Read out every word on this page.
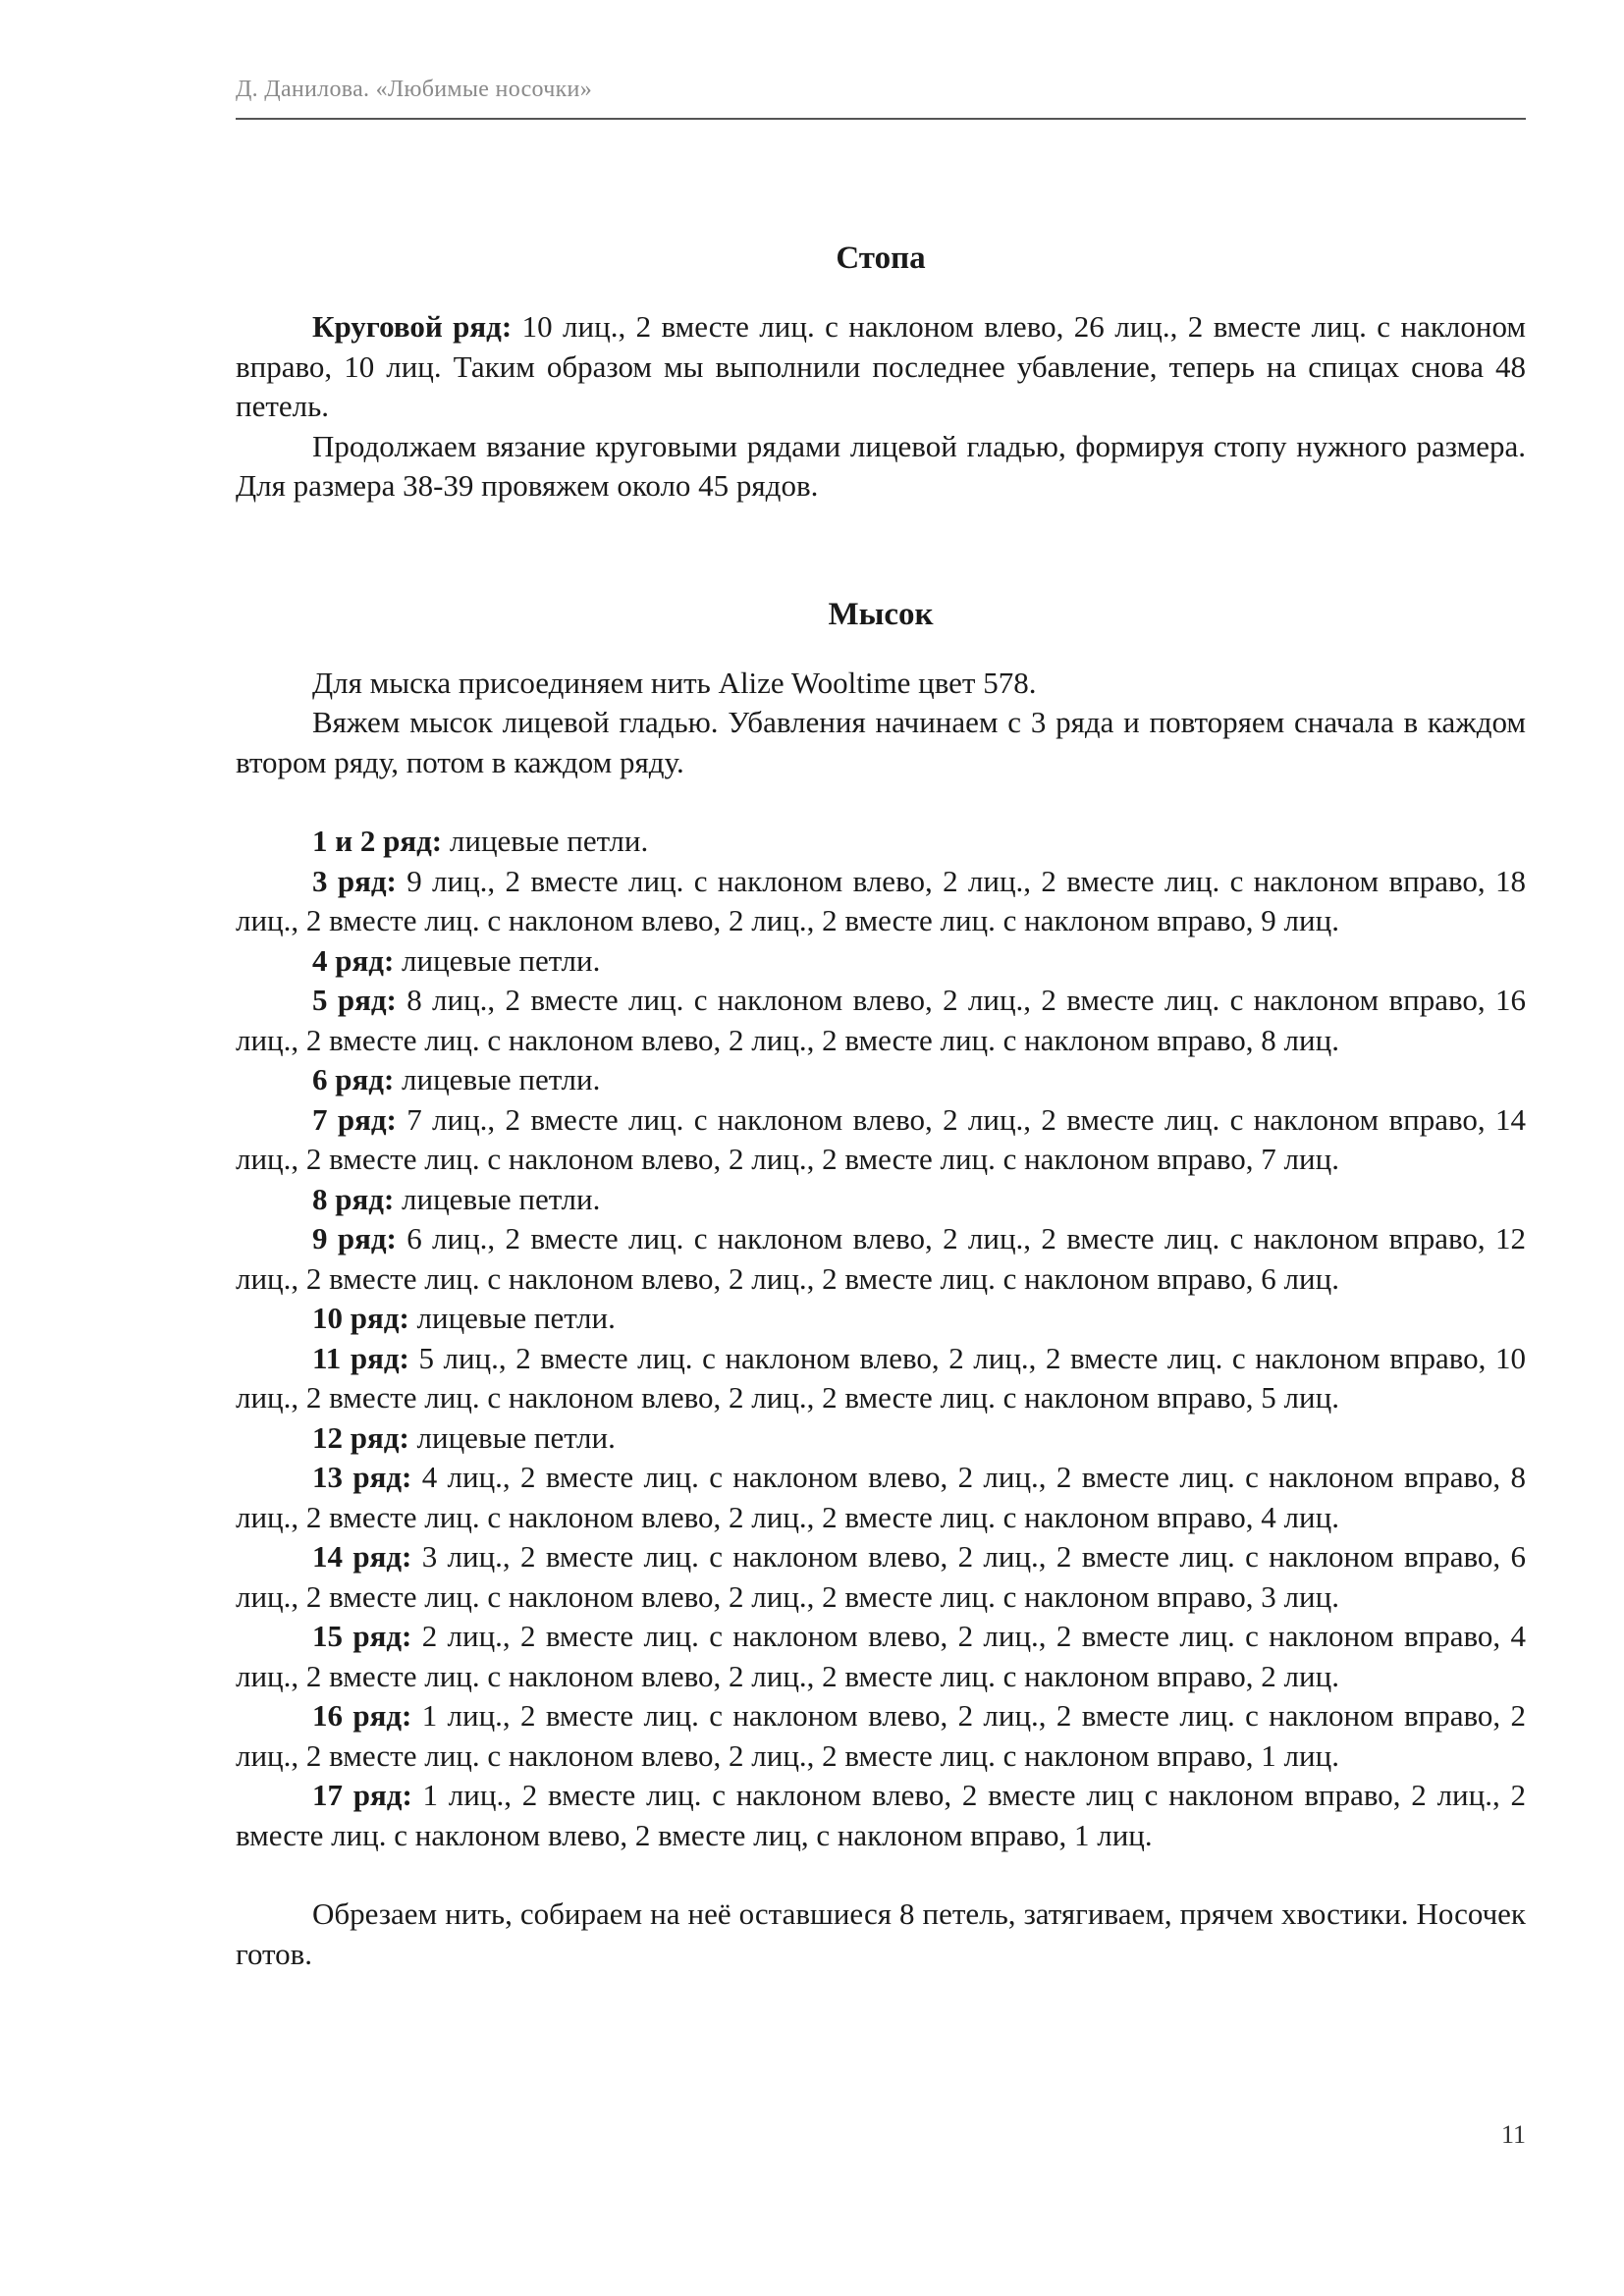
Д. Данилова. «Любимые носочки»
Стопа

Круговой ряд: 10 лиц., 2 вместе лиц. с наклоном влево, 26 лиц., 2 вместе лиц. с наклоном вправо, 10 лиц. Таким образом мы выполнили последнее убавление, теперь на спицах снова 48 петель.

Продолжаем вязание круговыми рядами лицевой гладью, формируя стопу нужного размера. Для размера 38-39 провяжем около 45 рядов.

Мысок

Для мыска присоединяем нить Alize Wooltime цвет 578.

Вяжем мысок лицевой гладью. Убавления начинаем с 3 ряда и повторяем сначала в каждом втором ряду, потом в каждом ряду.

1 и 2 ряд: лицевые петли.

3 ряд: 9 лиц., 2 вместе лиц. с наклоном влево, 2 лиц., 2 вместе лиц. с наклоном вправо, 18 лиц., 2 вместе лиц. с наклоном влево, 2 лиц., 2 вместе лиц. с наклоном вправо, 9 лиц.

4 ряд: лицевые петли.

5 ряд: 8 лиц., 2 вместе лиц. с наклоном влево, 2 лиц., 2 вместе лиц. с наклоном вправо, 16 лиц., 2 вместе лиц. с наклоном влево, 2 лиц., 2 вместе лиц. с наклоном вправо, 8 лиц.

6 ряд: лицевые петли.

7 ряд: 7 лиц., 2 вместе лиц. с наклоном влево, 2 лиц., 2 вместе лиц. с наклоном вправо, 14 лиц., 2 вместе лиц. с наклоном влево, 2 лиц., 2 вместе лиц. с наклоном вправо, 7 лиц.

8 ряд: лицевые петли.

9 ряд: 6 лиц., 2 вместе лиц. с наклоном влево, 2 лиц., 2 вместе лиц. с наклоном вправо, 12 лиц., 2 вместе лиц. с наклоном влево, 2 лиц., 2 вместе лиц. с наклоном вправо, 6 лиц.

10 ряд: лицевые петли.

11 ряд: 5 лиц., 2 вместе лиц. с наклоном влево, 2 лиц., 2 вместе лиц. с наклоном вправо, 10 лиц., 2 вместе лиц. с наклоном влево, 2 лиц., 2 вместе лиц. с наклоном вправо, 5 лиц.

12 ряд: лицевые петли.

13 ряд: 4 лиц., 2 вместе лиц. с наклоном влево, 2 лиц., 2 вместе лиц. с наклоном вправо, 8 лиц., 2 вместе лиц. с наклоном влево, 2 лиц., 2 вместе лиц. с наклоном вправо, 4 лиц.

14 ряд: 3 лиц., 2 вместе лиц. с наклоном влево, 2 лиц., 2 вместе лиц. с наклоном вправо, 6 лиц., 2 вместе лиц. с наклоном влево, 2 лиц., 2 вместе лиц. с наклоном вправо, 3 лиц.

15 ряд: 2 лиц., 2 вместе лиц. с наклоном влево, 2 лиц., 2 вместе лиц. с наклоном вправо, 4 лиц., 2 вместе лиц. с наклоном влево, 2 лиц., 2 вместе лиц. с наклоном вправо, 2 лиц.

16 ряд: 1 лиц., 2 вместе лиц. с наклоном влево, 2 лиц., 2 вместе лиц. с наклоном вправо, 2 лиц., 2 вместе лиц. с наклоном влево, 2 лиц., 2 вместе лиц. с наклоном вправо, 1 лиц.

17 ряд: 1 лиц., 2 вместе лиц. с наклоном влево, 2 вместе лиц с наклоном вправо, 2 лиц., 2 вместе лиц. с наклоном влево, 2 вместе лиц, с наклоном вправо, 1 лиц.

Обрезаем нить, собираем на неё оставшиеся 8 петель, затягиваем, прячем хвостики. Носочек готов.

11
